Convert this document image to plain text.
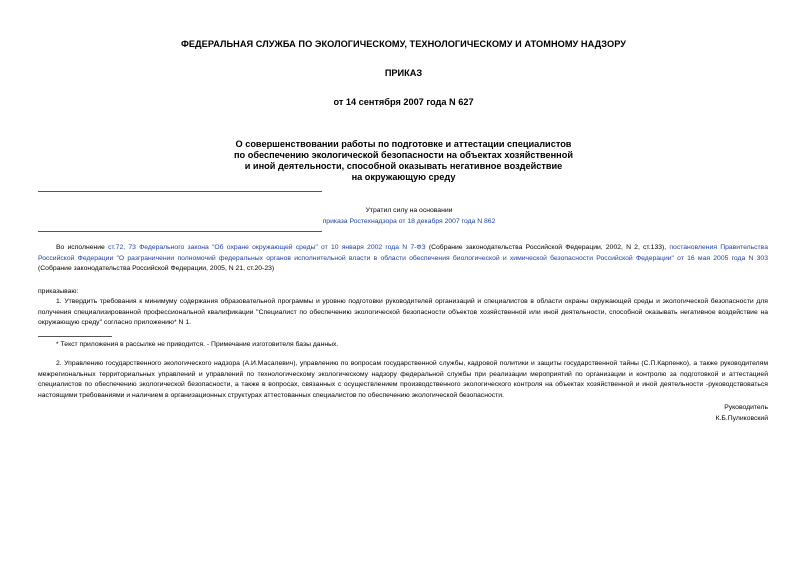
ФЕДЕРАЛЬНАЯ СЛУЖБА ПО ЭКОЛОГИЧЕСКОМУ, ТЕХНОЛОГИЧЕСКОМУ И АТОМНОМУ НАДЗОРУ
ПРИКАЗ
от 14 сентября 2007 года N 627
О совершенствовании работы по подготовке и аттестации специалистов
по обеспечению экологической безопасности на объектах хозяйственной
и иной деятельности, способной оказывать негативное воздействие
на окружающую среду
Утратил силу на основании
приказа Ростехнадзора от 18 декабря 2007 года N 862
Во исполнение ст.72, 73 Федерального закона "Об охране окружающей среды" от 10 января 2002 года N 7-ФЗ (Собрание законодательства Российской Федерации, 2002, N 2, ст.133), постановления Правительства Российской Федерации "О разграничении полномочий федеральных органов исполнительной власти в области обеспечения биологической и химической безопасности Российской Федерации" от 16 мая 2005 года N 303 (Собрание законодательства Российской Федерации, 2005, N 21, ст.20-23)
приказываю:
1. Утвердить требования к минимуму содержания образовательной программы и уровню подготовки руководителей организаций и специалистов в области охраны окружающей среды и экологической безопасности для получения специализированной профессиональной квалификации "Специалист по обеспечению экологической безопасности объектов хозяйственной или иной деятельности, способной оказывать негативное воздействие на окружающую среду" согласно приложению* N 1.
* Текст приложения в рассылке не приводится. - Примечание изготовителя базы данных.
2. Управлению государственного экологического надзора (А.И.Масалевич), управлению по вопросам государственной службы, кадровой политики и защиты государственной тайны (С.П.Карпенко), а также руководителям межрегиональных территориальных управлений и управлений по технологическому экологическому надзору федеральной службы при реализации мероприятий по организации и контролю за подготовкой и аттестацией специалистов по обеспечению экологической безопасности, а также в вопросах, связанных с осуществлением производственного экологического контроля на объектах хозяйственной и иной деятельности -руководствоваться настоящими требованиями и наличием в организационных структурах аттестованных специалистов по обеспечению экологической безопасности.
Руководитель
К.Б.Пуликовский
